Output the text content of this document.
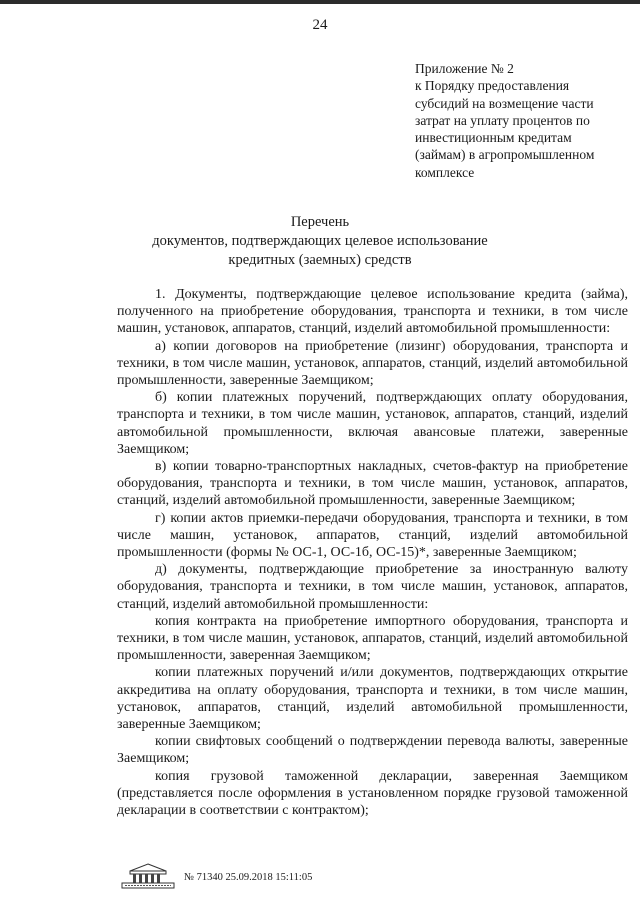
24
Приложение № 2
к Порядку предоставления
субсидий на возмещение части
затрат на уплату процентов по
инвестиционным кредитам
(займам) в агропромышленном
комплексе
Перечень
документов, подтверждающих целевое использование
кредитных (заемных) средств

1. Документы, подтверждающие целевое использование кредита (займа), полученного на приобретение оборудования, транспорта и техники, в том числе машин, установок, аппаратов, станций, изделий автомобильной промышленности:

а) копии договоров на приобретение (лизинг) оборудования, транспорта и техники, в том числе машин, установок, аппаратов, станций, изделий автомобильной промышленности, заверенные Заемщиком;

б) копии платежных поручений, подтверждающих оплату оборудования, транспорта и техники, в том числе машин, установок, аппаратов, станций, изделий автомобильной промышленности, включая авансовые платежи, заверенные Заемщиком;

в) копии товарно-транспортных накладных, счетов-фактур на приобретение оборудования, транспорта и техники, в том числе машин, установок, аппаратов, станций, изделий автомобильной промышленности, заверенные Заемщиком;

г) копии актов приемки-передачи оборудования, транспорта и техники, в том числе машин, установок, аппаратов, станций, изделий автомобильной промышленности (формы № ОС-1, ОС-1б, ОС-15)*, заверенные Заемщиком;

д) документы, подтверждающие приобретение за иностранную валюту оборудования, транспорта и техники, в том числе машин, установок, аппаратов, станций, изделий автомобильной промышленности:

копия контракта на приобретение импортного оборудования, транспорта и техники, в том числе машин, установок, аппаратов, станций, изделий автомобильной промышленности, заверенная Заемщиком;

копии платежных поручений и/или документов, подтверждающих открытие аккредитива на оплату оборудования, транспорта и техники, в том числе машин, установок, аппаратов, станций, изделий автомобильной промышленности, заверенные Заемщиком;

копии свифтовых сообщений о подтверждении перевода валюты, заверенные Заемщиком;

копия грузовой таможенной декларации, заверенная Заемщиком (представляется после оформления в установленном порядке грузовой таможенной декларации в соответствии с контрактом);

№ 71340 25.09.2018 15:11:05
